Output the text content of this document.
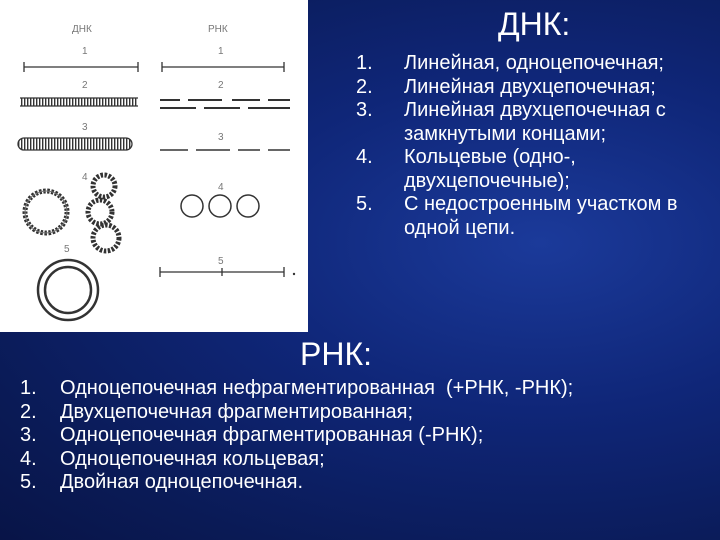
ДНК	РНК
1
2
3
4
5
1
2
3
4
5
ДНК:
1. Линейная, одноцепочечная;
2. Линейная двухцепочечная;
3. Линейная двухцепочечная с замкнутыми концами;
4. Кольцевые (одно-, двухцепочечные);
5. С недостроенным участком в одной цепи.
РНК:
1. Одноцепочечная нефрагментированная  (+РНК, -РНК);
2. Двухцепочечная фрагментированная;
3. Одноцепочечная фрагментированная (-РНК);
4. Одноцепочечная кольцевая;
5. Двойная одноцепочечная.
